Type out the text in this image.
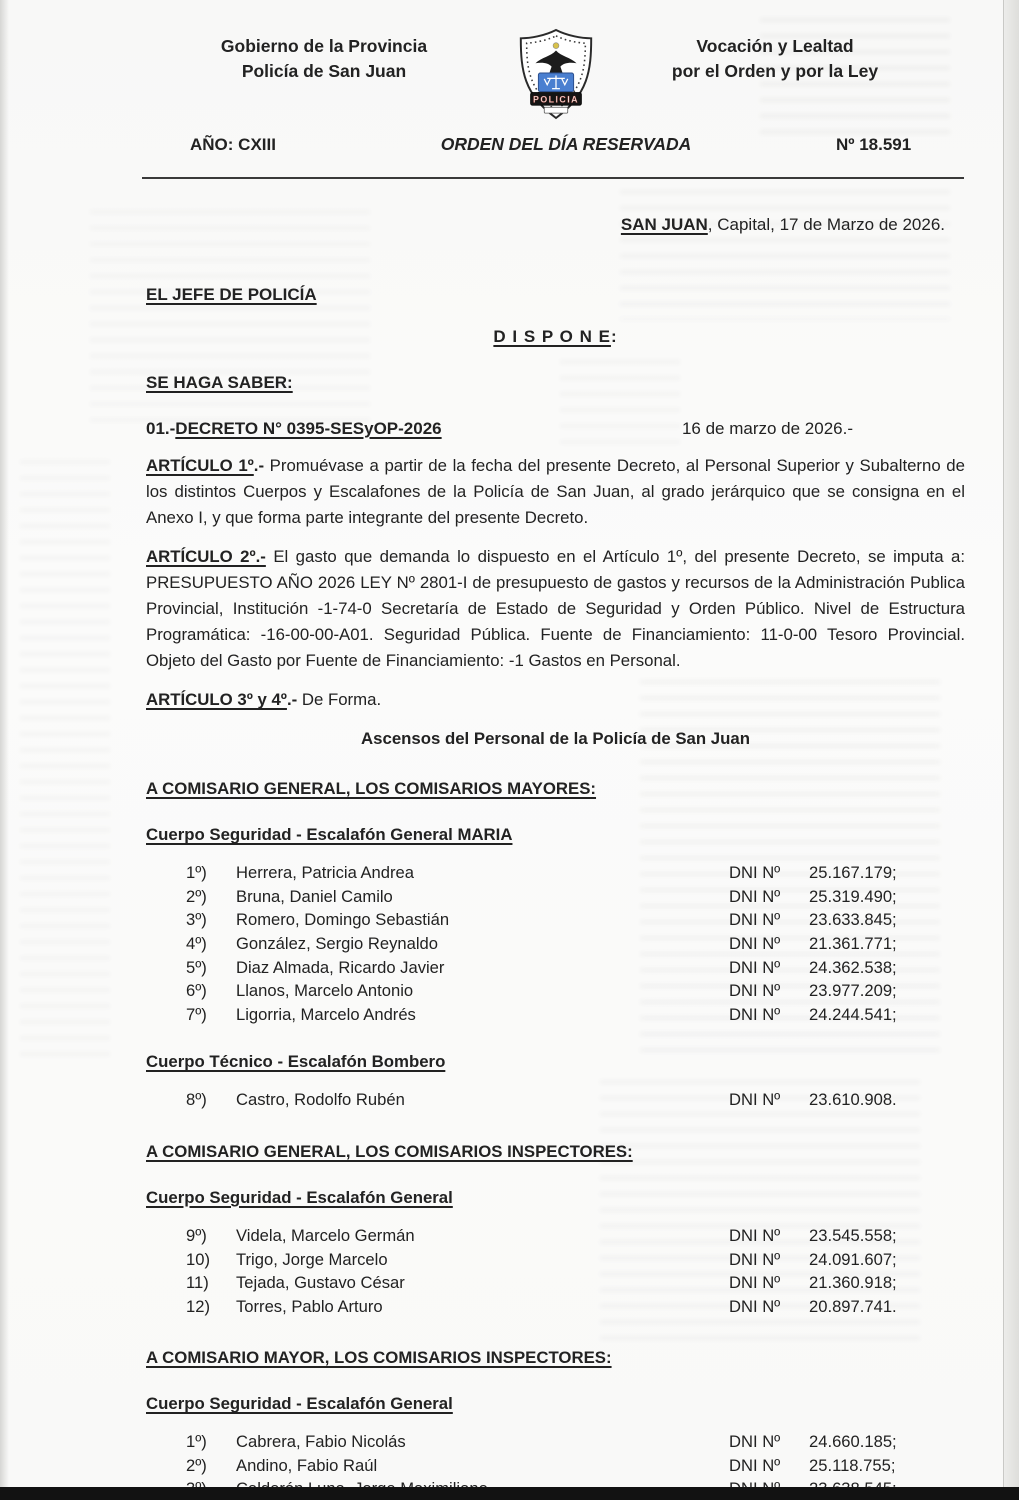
Gobierno de la Provincia
Policía de San Juan
POLICIA
Vocación y Lealtad
por el Orden y por la Ley
AÑO: CXIII	ORDEN DEL DÍA RESERVADA	Nº 18.591
SAN JUAN, Capital, 17 de Marzo de 2026.
EL JEFE DE POLICÍA
D I S P O N E:
SE HAGA SABER:
01.- DECRETO N° 0395-SESyOP-2026	16 de marzo de 2026.-

ARTÍCULO 1º.- Promuévase a partir de la fecha del presente Decreto, al Personal Superior y Subalterno de los distintos Cuerpos y Escalafones de la Policía de San Juan, al grado jerárquico que se consigna en el Anexo I, y que forma parte integrante del presente Decreto.

ARTÍCULO 2º.- El gasto que demanda lo dispuesto en el Artículo 1º, del presente Decreto, se imputa a: PRESUPUESTO AÑO 2026 LEY Nº 2801-I de presupuesto de gastos y recursos de la Administración Publica Provincial, Institución -1-74-0 Secretaría de Estado de Seguridad y Orden Público. Nivel de Estructura Programática: -16-00-00-A01. Seguridad Pública. Fuente de Financiamiento: 11-0-00 Tesoro Provincial. Objeto del Gasto por Fuente de Financiamiento: -1 Gastos en Personal.

ARTÍCULO 3º y 4º.- De Forma.

Ascensos del Personal de la Policía de San Juan
A COMISARIO GENERAL, LOS COMISARIOS MAYORES:
Cuerpo Seguridad - Escalafón General MARIA
1º)	Herrera, Patricia Andrea	DNI Nº	25.167.179;
2º)	Bruna, Daniel Camilo	DNI Nº	25.319.490;
3º)	Romero, Domingo Sebastián	DNI Nº	23.633.845;
4º)	González, Sergio Reynaldo	DNI Nº	21.361.771;
5º)	Diaz Almada, Ricardo Javier	DNI Nº	24.362.538;
6º)	Llanos, Marcelo Antonio	DNI Nº	23.977.209;
7º)	Ligorria, Marcelo Andrés	DNI Nº	24.244.541;
Cuerpo Técnico - Escalafón Bombero
8º)	Castro, Rodolfo Rubén	DNI Nº	23.610.908.
A COMISARIO GENERAL, LOS COMISARIOS INSPECTORES:
Cuerpo Seguridad - Escalafón General
9º)	Videla, Marcelo Germán	DNI Nº	23.545.558;
10)	Trigo, Jorge Marcelo	DNI Nº	24.091.607;
11)	Tejada, Gustavo César	DNI Nº	21.360.918;
12)	Torres, Pablo Arturo	DNI Nº	20.897.741.
A COMISARIO MAYOR, LOS COMISARIOS INSPECTORES:
Cuerpo Seguridad - Escalafón General
1º)	Cabrera, Fabio Nicolás	DNI Nº	24.660.185;
2º)	Andino, Fabio Raúl	DNI Nº	25.118.755;
